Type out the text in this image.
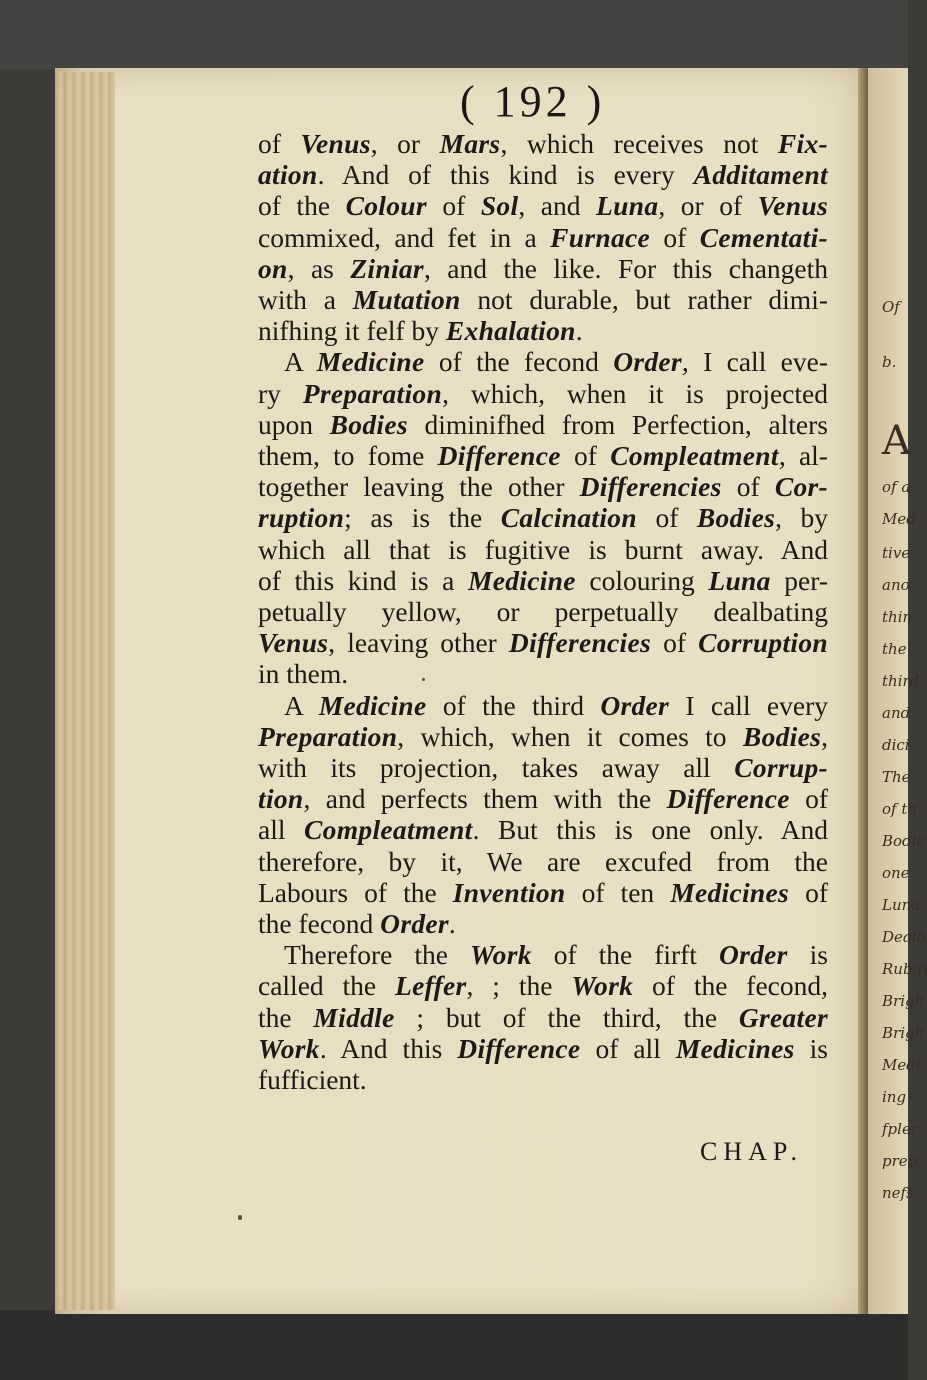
Of
b.
A
of a
Med
tive
ano
thin
the
third
and
dici
The
of th
Bodie
one
Luna
Dealb
Rubifi
Brigh
Brigh
Medi
ing
fpler
prep
nefs.
( 192 )
of Venus, or Mars, which receives not Fix-
ation. And of this kind is every Additament
of the Colour of Sol, and Luna, or of Venus
commixed, and fet in a Furnace of Cementati-
on, as Ziniar, and the like. For this changeth
with a Mutation not durable, but rather dimi-
nifhing it felf by Exhalation.
A Medicine of the fecond Order, I call eve-
ry Preparation, which, when it is projected
upon Bodies diminifhed from Perfection, alters
them, to fome Difference of Compleatment, al-
together leaving the other Differencies of Cor-
ruption; as is the Calcination of Bodies, by
which all that is fugitive is burnt away. And
of this kind is a Medicine colouring Luna per-
petually yellow, or perpetually dealbating
Venus, leaving other Differencies of Corruption
in them.
A Medicine of the third Order I call every
Preparation, which, when it comes to Bodies,
with its projection, takes away all Corrup-
tion, and perfects them with the Difference of
all Compleatment. But this is one only. And
therefore, by it, We are excufed from the
Labours of the Invention of ten Medicines of
the fecond Order.
Therefore the Work of the firft Order is
called the Leffer, ; the Work of the fecond,
the Middle ; but of the third, the Greater
Work. And this Difference of all Medicines is
fufficient.
CHAP.
